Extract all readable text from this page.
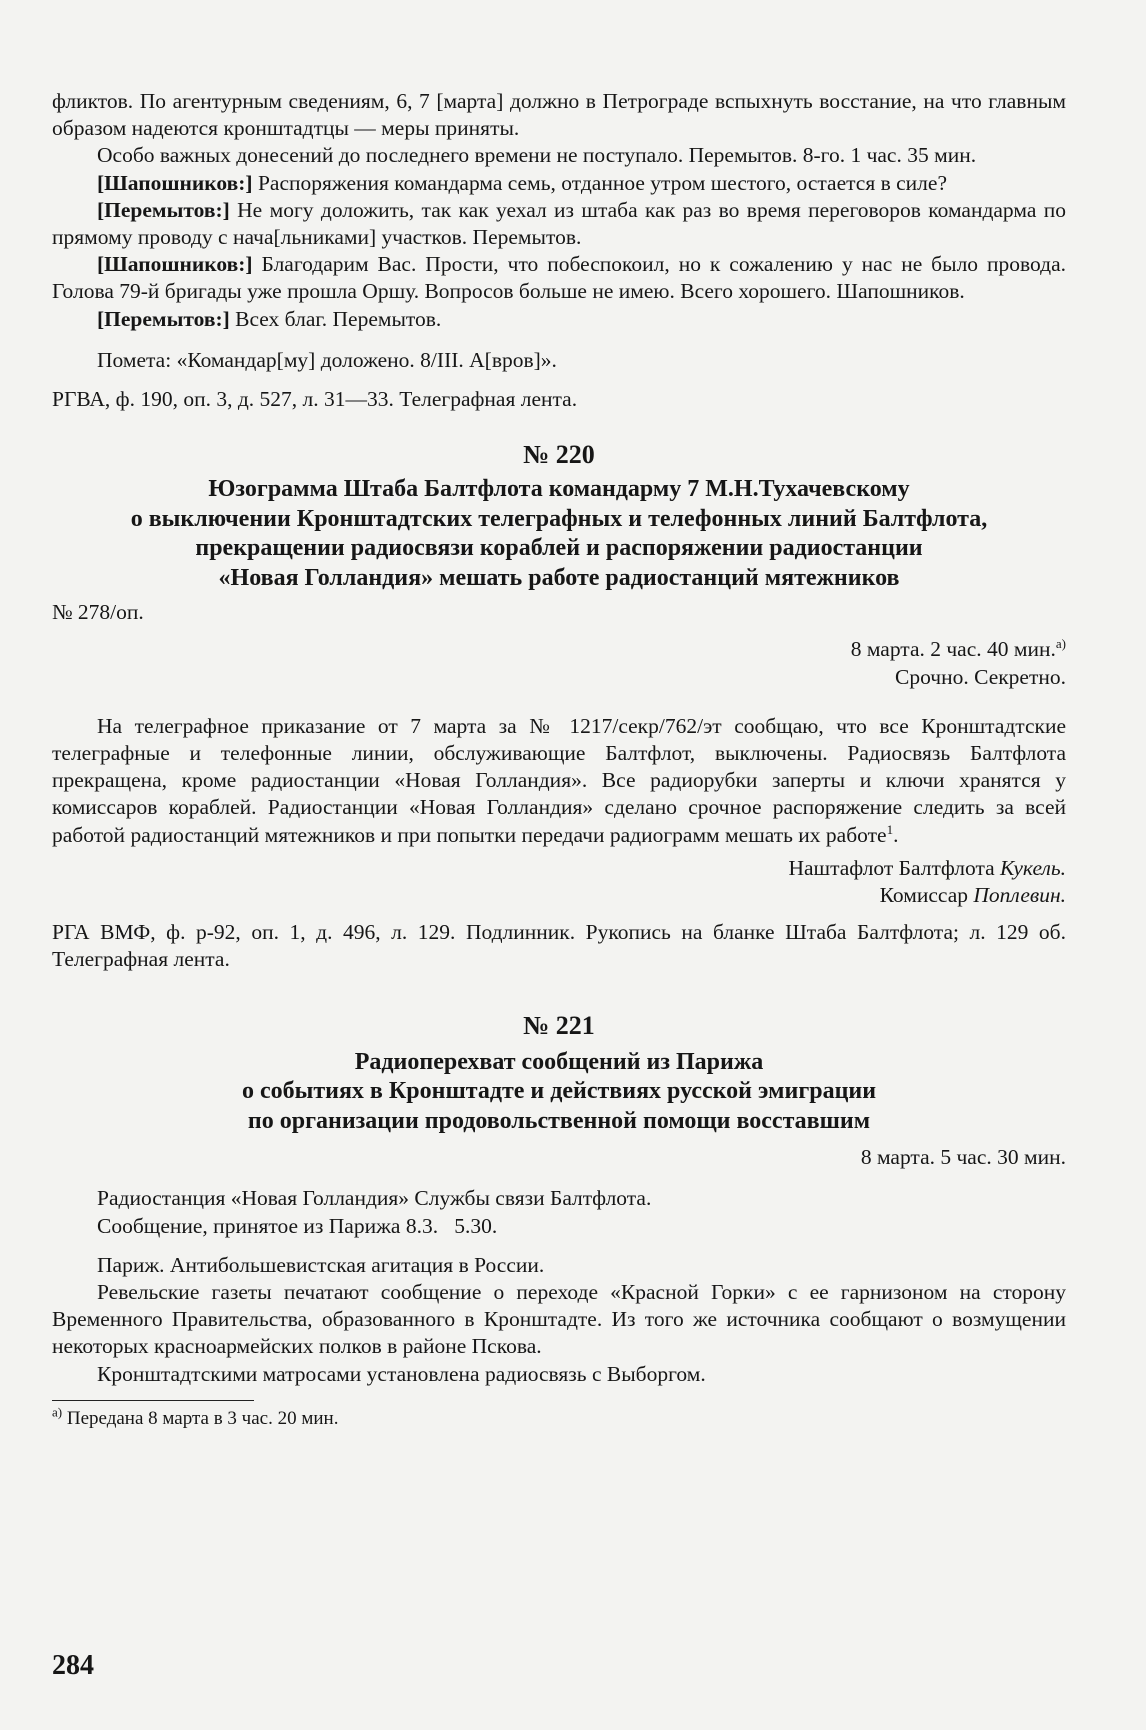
фликтов. По агентурным сведениям, 6, 7 [марта] должно в Петрограде вспыхнуть восстание, на что главным образом надеются кронштадтцы — меры приняты.

Особо важных донесений до последнего времени не поступало. Перемытов. 8-го. 1 час. 35 мин.

[Шапошников:] Распоряжения командарма семь, отданное утром шестого, остается в силе?

[Перемытов:] Не могу доложить, так как уехал из штаба как раз во время переговоров командарма по прямому проводу с нача[льниками] участков. Перемытов.

[Шапошников:] Благодарим Вас. Прости, что побеспокоил, но к сожалению у нас не было провода. Голова 79-й бригады уже прошла Оршу. Вопросов больше не имею. Всего хорошего. Шапошников.

[Перемытов:] Всех благ. Перемытов.

Помета: «Командар[му] доложено. 8/III. А[вров]».

РГВА, ф. 190, оп. 3, д. 527, л. 31—33. Телеграфная лента.

№ 220

Юзограмма Штаба Балтфлота командарму 7 М.Н.Тухачевскому

о выключении Кронштадтских телеграфных и телефонных линий Балтфлота,

прекращении радиосвязи кораблей и распоряжении радиостанции

«Новая Голландия» мешать работе радиостанций мятежников

№ 278/оп.

8 марта. 2 час. 40 мин.$^{а)}$

Срочно. Секретно.

На телеграфное приказание от 7 марта за № 1217/секр/762/эт сообщаю, что все Кронштадтские телеграфные и телефонные линии, обслуживающие Балтфлот, выключены. Радиосвязь Балтфлота прекращена, кроме радиостанции «Новая Голландия». Все радиорубки заперты и ключи хранятся у комиссаров кораблей. Радиостанции «Новая Голландия» сделано срочное распоряжение следить за всей работой радиостанций мятежников и при попытки передачи радиограмм мешать их работе$^1$.

Наштафлот Балтфлота Кукель.

Комиссар Поплевин.

РГА ВМФ, ф. р-92, оп. 1, д. 496, л. 129. Подлинник. Рукопись на бланке Штаба Балтфлота; л. 129 об. Телеграфная лента.

№ 221

Радиоперехват сообщений из Парижа

о событиях в Кронштадте и действиях русской эмиграции

по организации продовольственной помощи восставшим

8 марта. 5 час. 30 мин.

Радиостанция «Новая Голландия» Службы связи Балтфлота.

Сообщение, принятое из Парижа 8.3.   5.30.

Париж. Антибольшевистская агитация в России.

Ревельские газеты печатают сообщение о переходе «Красной Горки» с ее гарнизоном на сторону Временного Правительства, образованного в Кронштадте. Из того же источника сообщают о возмущении некоторых красноармейских полков в районе Пскова.

Кронштадтскими матросами установлена радиосвязь с Выборгом.

$^{а)}$ Передана 8 марта в 3 час. 20 мин.

284
